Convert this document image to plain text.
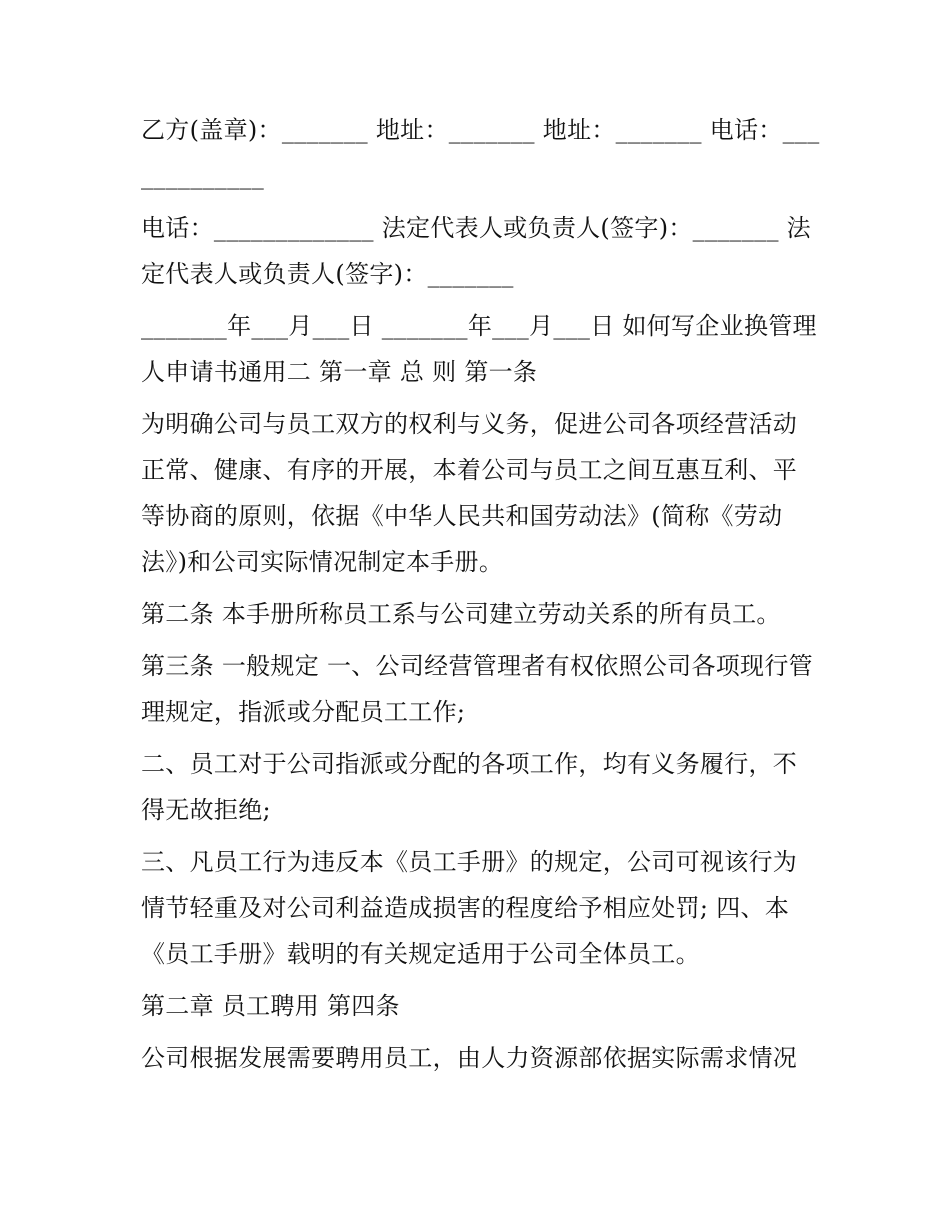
乙方(盖章)：_______ 地址：_______ 地址：_______ 电话：_____________

电话：_____________ 法定代表人或负责人(签字)：_______ 法定代表人或负责人(签字)：_______

_______年___月___日 _______年___月___日 如何写企业换管理人申请书通用二 第一章 总 则 第一条

为明确公司与员工双方的权利与义务，促进公司各项经营活动正常、健康、有序的开展，本着公司与员工之间互惠互利、平等协商的原则，依据《中华人民共和国劳动法》(简称《劳动法》)和公司实际情况制定本手册。

第二条 本手册所称员工系与公司建立劳动关系的所有员工。

第三条 一般规定 一、公司经营管理者有权依照公司各项现行管理规定，指派或分配员工工作;

二、员工对于公司指派或分配的各项工作，均有义务履行，不得无故拒绝;

三、凡员工行为违反本《员工手册》的规定，公司可视该行为情节轻重及对公司利益造成损害的程度给予相应处罚; 四、本《员工手册》载明的有关规定适用于公司全体员工。

第二章 员工聘用 第四条

公司根据发展需要聘用员工，由人力资源部依据实际需求情况
